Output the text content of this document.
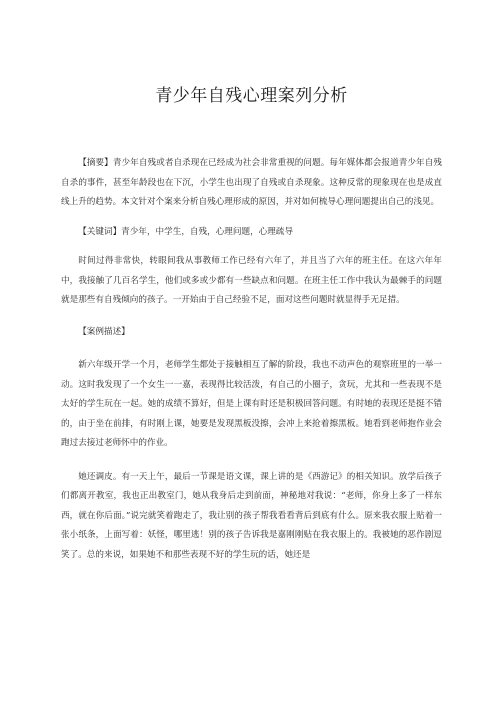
青少年自残心理案列分析

【摘要】青少年自残或者自杀现在已经成为社会非常重视的问题。每年媒体都会报道青少年自残自杀的事件，甚至年龄段也在下沉，小学生也出现了自残或自杀现象。这种反常的现象现在也是成直线上升的趋势。本文针对个案来分析自残心理形成的原因，并对如何梳导心理问题提出自己的浅见。

【关键词】青少年，中学生，自残，心理问题，心理疏导

时间过得非常快，转眼间我从事教师工作已经有六年了，并且当了六年的班主任。在这六年年中，我接触了几百名学生，他们或多或少都有一些缺点和问题。在班主任工作中我认为最棘手的问题就是那些有自残倾向的孩子。一开始由于自己经验不足，面对这些问题时就显得手无足措。

【案例描述】

新六年级开学一个月，老师学生都处于接触相互了解的阶段，我也不动声色的观察班里的一举一动。这时我发现了一个女生一一嘉，表现得比较活泼，有自己的小圈子，贪玩，尤其和一些表现不是太好的学生玩在一起。她的成绩不算好，但是上课有时还是积极回答问题。有时她的表现还是挺不错的，由于坐在前排，有时刚上课，她要是发现黑板没擦，会冲上来抢着擦黑板。她看到老师抱作业会跑过去接过老师怀中的作业。

她还调皮。有一天上午，最后一节课是语文课，课上讲的是《西游记》的相关知识。放学后孩子们都离开教室，我也正出教室门，她从我身后走到前面，神秘地对我说：“老师，你身上多了一样东西，就在你后面。”说完就笑着跑走了，我让别的孩子帮我看看背后到底有什么。原来我衣服上贴着一张小纸条，上面写着：妖怪，哪里逃！别的孩子告诉我是嘉刚刚贴在我衣服上的。我被她的恶作剧逗笑了。总的来说，如果她不和那些表现不好的学生玩的话，她还是
